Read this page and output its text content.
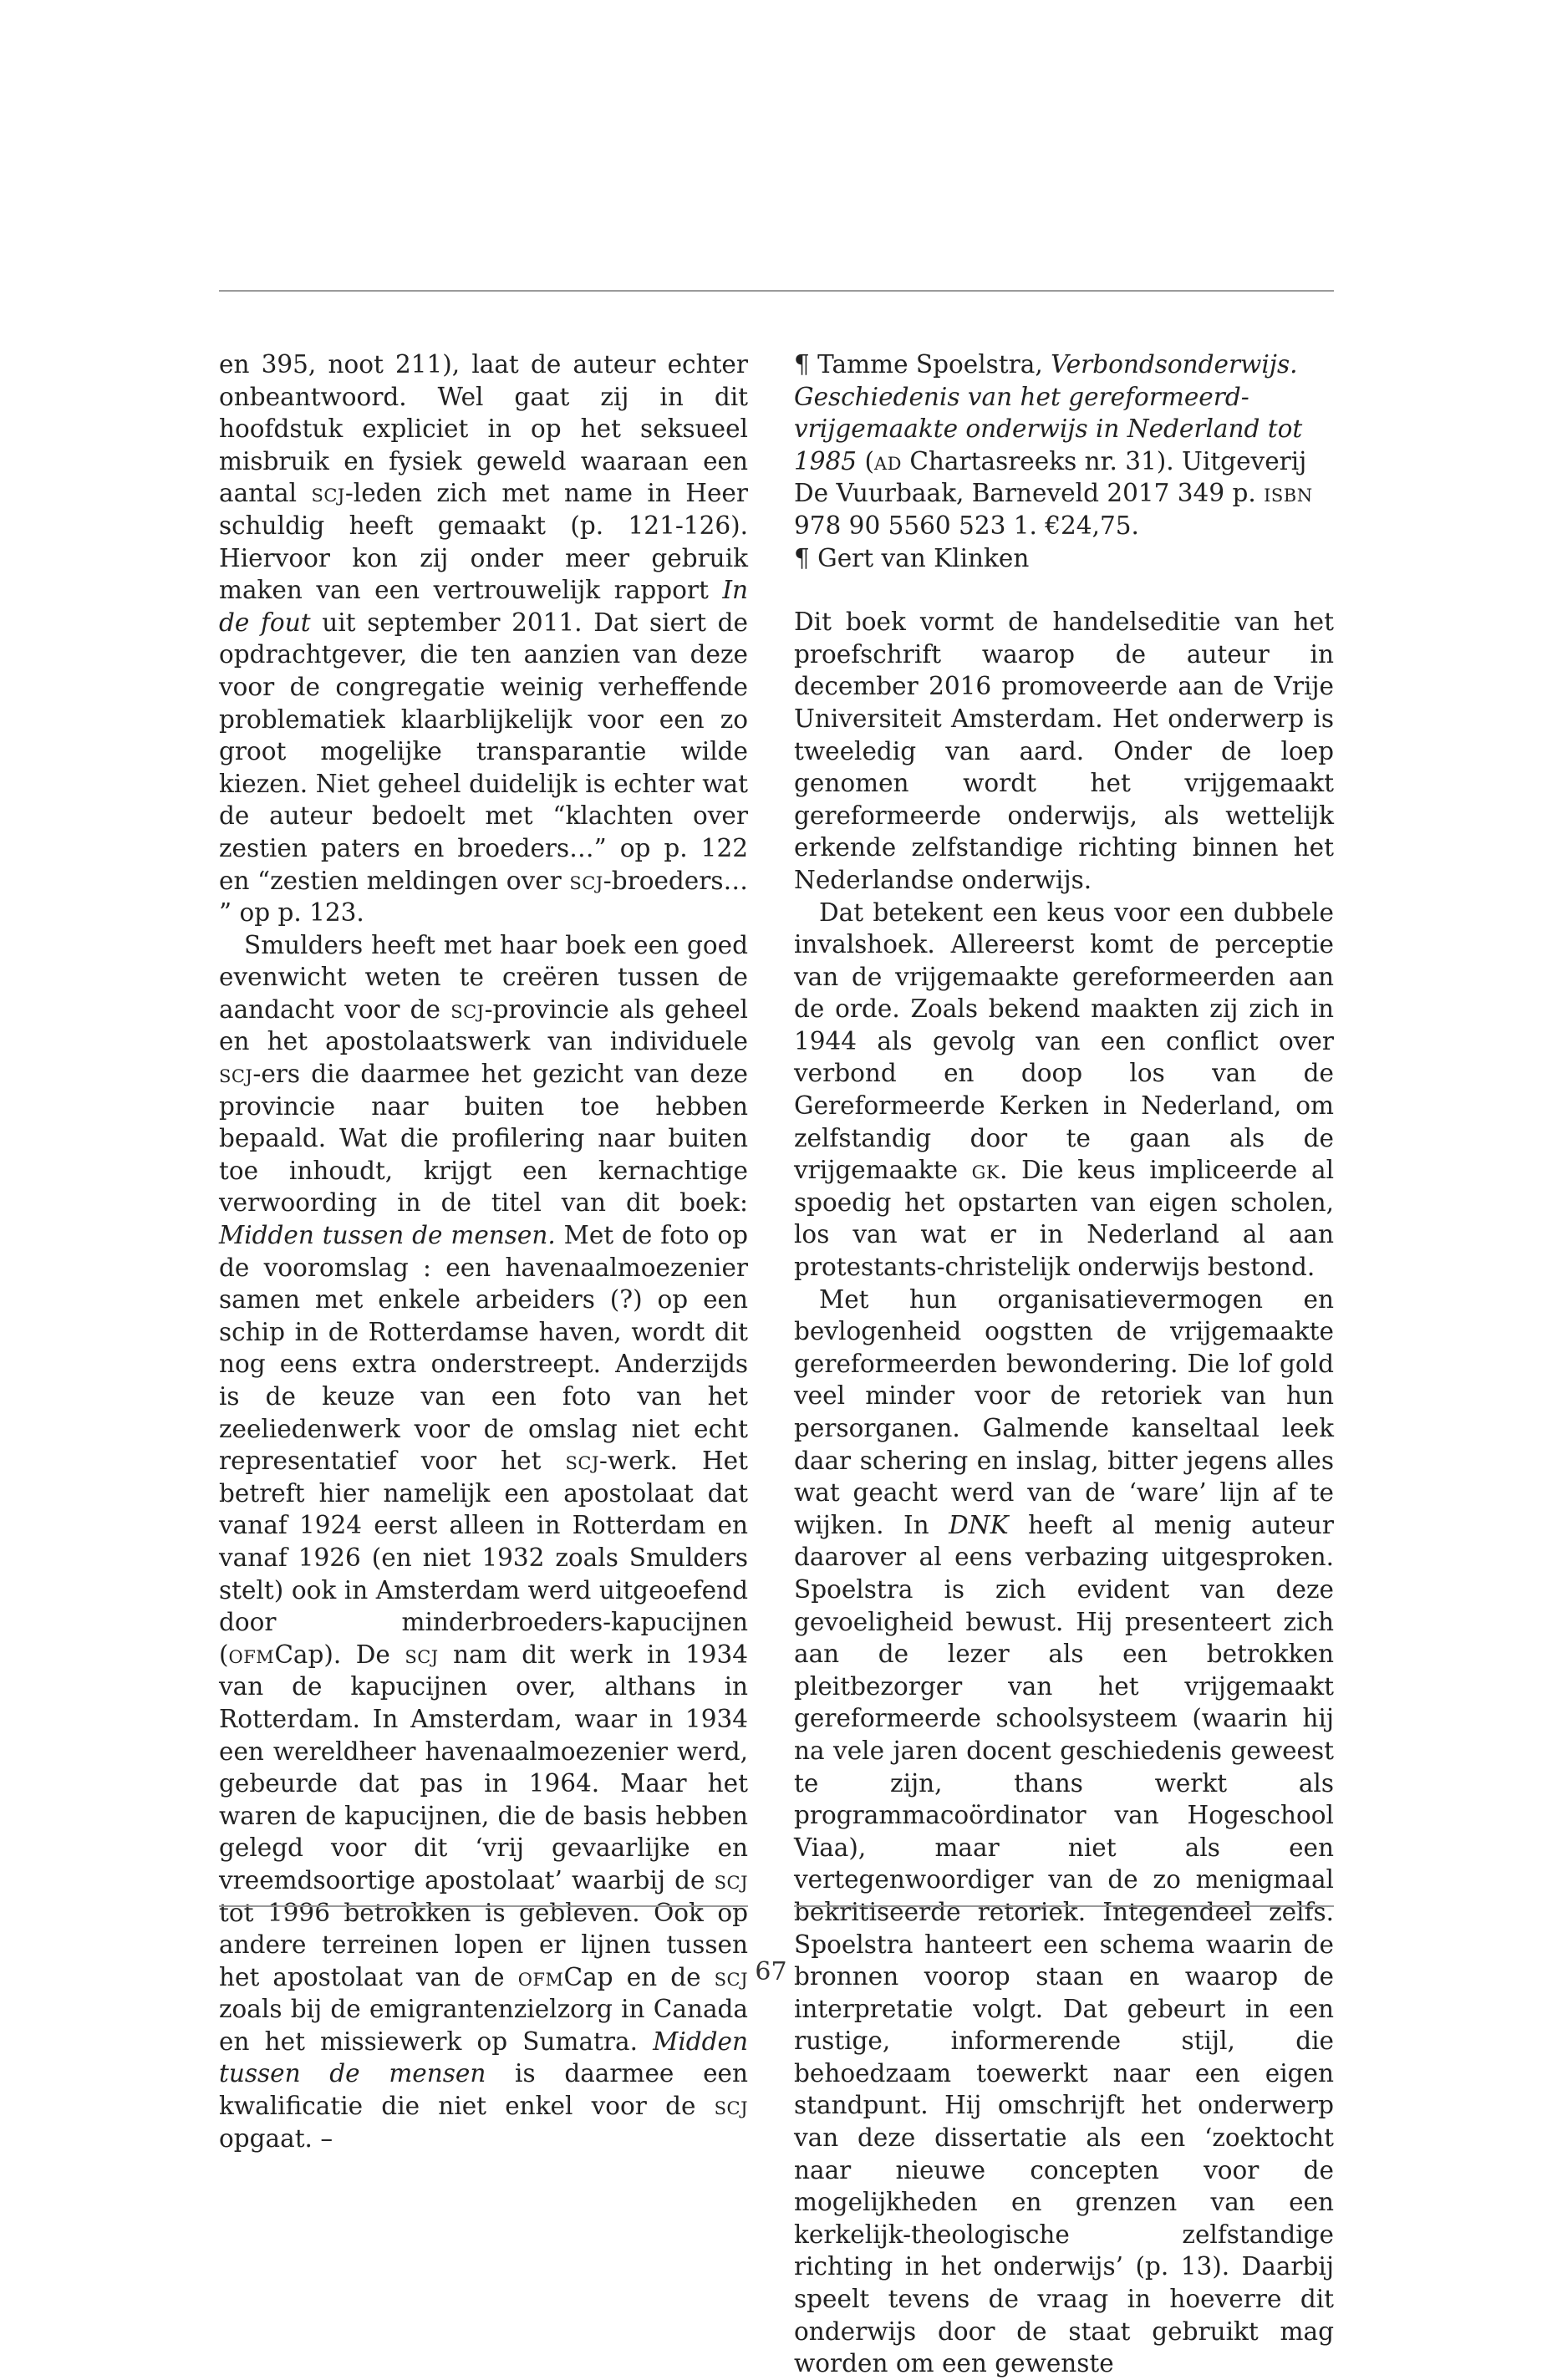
en 395, noot 211), laat de auteur echter onbeantwoord. Wel gaat zij in dit hoofdstuk expliciet in op het seksueel misbruik en fysiek geweld waaraan een aantal scj-leden zich met name in Heer schuldig heeft gemaakt (p. 121-126). Hiervoor kon zij onder meer gebruik maken van een vertrouwelijk rapport In de fout uit september 2011. Dat siert de opdrachtgever, die ten aanzien van deze voor de congregatie weinig verheffende problematiek klaarblijkelijk voor een zo groot mogelijke transparantie wilde kiezen. Niet geheel duidelijk is echter wat de auteur bedoelt met “klachten over zestien paters en broeders…” op p. 122 en “zestien meldingen over scj-broeders… ” op p. 123.

Smulders heeft met haar boek een goed evenwicht weten te creëren tussen de aandacht voor de scj-provincie als geheel en het apostolaatswerk van individuele scj-ers die daarmee het gezicht van deze provincie naar buiten toe hebben bepaald. Wat die profilering naar buiten toe inhoudt, krijgt een kernachtige verwoording in de titel van dit boek: Midden tussen de mensen. Met de foto op de vooromslag : een havenaalmoezenier samen met enkele arbeiders (?) op een schip in de Rotterdamse haven, wordt dit nog eens extra onderstreept. Anderzijds is de keuze van een foto van het zeeliedenwerk voor de omslag niet echt representatief voor het scj-werk. Het betreft hier namelijk een apostolaat dat vanaf 1924 eerst alleen in Rotterdam en vanaf 1926 (en niet 1932 zoals Smulders stelt) ook in Amsterdam werd uitgeoefend door minderbroeders-kapucijnen (ofmCap). De scj nam dit werk in 1934 van de kapucijnen over, althans in Rotterdam. In Amsterdam, waar in 1934 een wereldheer havenaalmoezenier werd, gebeurde dat pas in 1964. Maar het waren de kapucijnen, die de basis hebben gelegd voor dit ‘vrij gevaarlijke en vreemdsoortige apostolaat’ waarbij de scj tot 1996 betrokken is gebleven. Ook op andere terreinen lopen er lijnen tussen het apostolaat van de ofmCap en de scj zoals bij de emigrantenzielzorg in Canada en het missiewerk op Sumatra. Midden tussen de mensen is daarmee een kwalificatie die niet enkel voor de scj opgaat. –

¶ Tamme Spoelstra, Verbondsonderwijs. Geschiedenis van het gereformeerd-vrijgemaakte onderwijs in Nederland tot 1985 (ad Chartasreeks nr. 31). Uitgeverij De Vuurbaak, Barneveld 2017 349 p. isbn 978 90 5560 523 1. €24,75.

¶ Gert van Klinken

Dit boek vormt de handelseditie van het proefschrift waarop de auteur in december 2016 promoveerde aan de Vrije Universiteit Amsterdam. Het onderwerp is tweeledig van aard. Onder de loep genomen wordt het vrijgemaakt gereformeerde onderwijs, als wettelijk erkende zelfstandige richting binnen het Nederlandse onderwijs.

Dat betekent een keus voor een dubbele invalshoek. Allereerst komt de perceptie van de vrijgemaakte gereformeerden aan de orde. Zoals bekend maakten zij zich in 1944 als gevolg van een conflict over verbond en doop los van de Gereformeerde Kerken in Nederland, om zelfstandig door te gaan als de vrijgemaakte gk. Die keus impliceerde al spoedig het opstarten van eigen scholen, los van wat er in Nederland al aan protestants-christelijk onderwijs bestond.

Met hun organisatievermogen en bevlogenheid oogstten de vrijgemaakte gereformeerden bewondering. Die lof gold veel minder voor de retoriek van hun persorganen. Galmende kanseltaal leek daar schering en inslag, bitter jegens alles wat geacht werd van de ‘ware’ lijn af te wijken. In DNK heeft al menig auteur daarover al eens verbazing uitgesproken. Spoelstra is zich evident van deze gevoeligheid bewust. Hij presenteert zich aan de lezer als een betrokken pleitbezorger van het vrijgemaakt gereformeerde schoolsysteem (waarin hij na vele jaren docent geschiedenis geweest te zijn, thans werkt als programmacoördinator van Hogeschool Viaa), maar niet als een vertegenwoordiger van de zo menigmaal bekritiseerde retoriek. Integendeel zelfs. Spoelstra hanteert een schema waarin de bronnen voorop staan en waarop de interpretatie volgt. Dat gebeurt in een rustige, informerende stijl, die behoedzaam toewerkt naar een eigen standpunt. Hij omschrijft het onderwerp van deze dissertatie als een ‘zoektocht naar nieuwe concepten voor de mogelijkheden en grenzen van een kerkelijk-theologische zelfstandige richting in het onderwijs’ (p. 13). Daarbij speelt tevens de vraag in hoeverre dit onderwijs door de staat gebruikt mag worden om een gewenste

67
